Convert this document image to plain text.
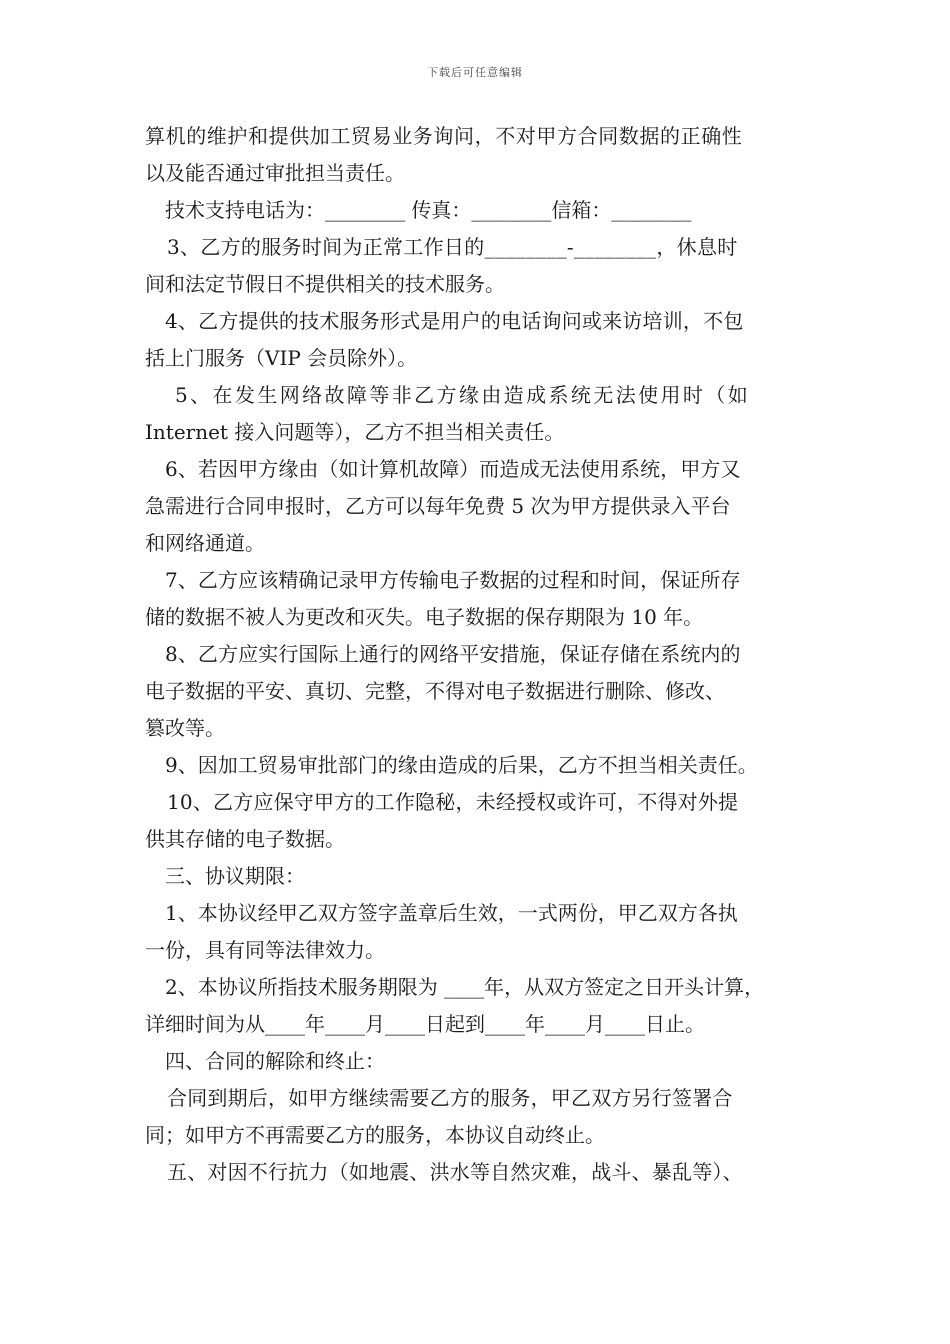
下载后可任意编辑
算机的维护和提供加工贸易业务询问，不对甲方合同数据的正确性
以及能否通过审批担当责任。
技术支持电话为：________ 传真：________信箱：________
3、乙方的服务时间为正常工作日的________-________，休息时
间和法定节假日不提供相关的技术服务。
4、乙方提供的技术服务形式是用户的电话询问或来访培训，不包
括上门服务（VIP 会员除外）。
5、在发生网络故障等非乙方缘由造成系统无法使用时（如
Internet 接入问题等），乙方不担当相关责任。
6、若因甲方缘由（如计算机故障）而造成无法使用系统，甲方又
急需进行合同申报时，乙方可以每年免费 5 次为甲方提供录入平台
和网络通道。
7、乙方应该精确记录甲方传输电子数据的过程和时间，保证所存
储的数据不被人为更改和灭失。电子数据的保存期限为 10 年。
8、乙方应实行国际上通行的网络平安措施，保证存储在系统内的
电子数据的平安、真切、完整，不得对电子数据进行删除、修改、
篡改等。
9、因加工贸易审批部门的缘由造成的后果，乙方不担当相关责任。
10、乙方应保守甲方的工作隐秘，未经授权或许可，不得对外提
供其存储的电子数据。
三、协议期限：
1、本协议经甲乙双方签字盖章后生效，一式两份，甲乙双方各执
一份，具有同等法律效力。
2、本协议所指技术服务期限为 ____年，从双方签定之日开头计算，
详细时间为从____年____月____日起到____年____月____日止。
四、合同的解除和终止：
合同到期后，如甲方继续需要乙方的服务，甲乙双方另行签署合
同；如甲方不再需要乙方的服务，本协议自动终止。
五、对因不行抗力（如地震、洪水等自然灾难，战斗、暴乱等）、
